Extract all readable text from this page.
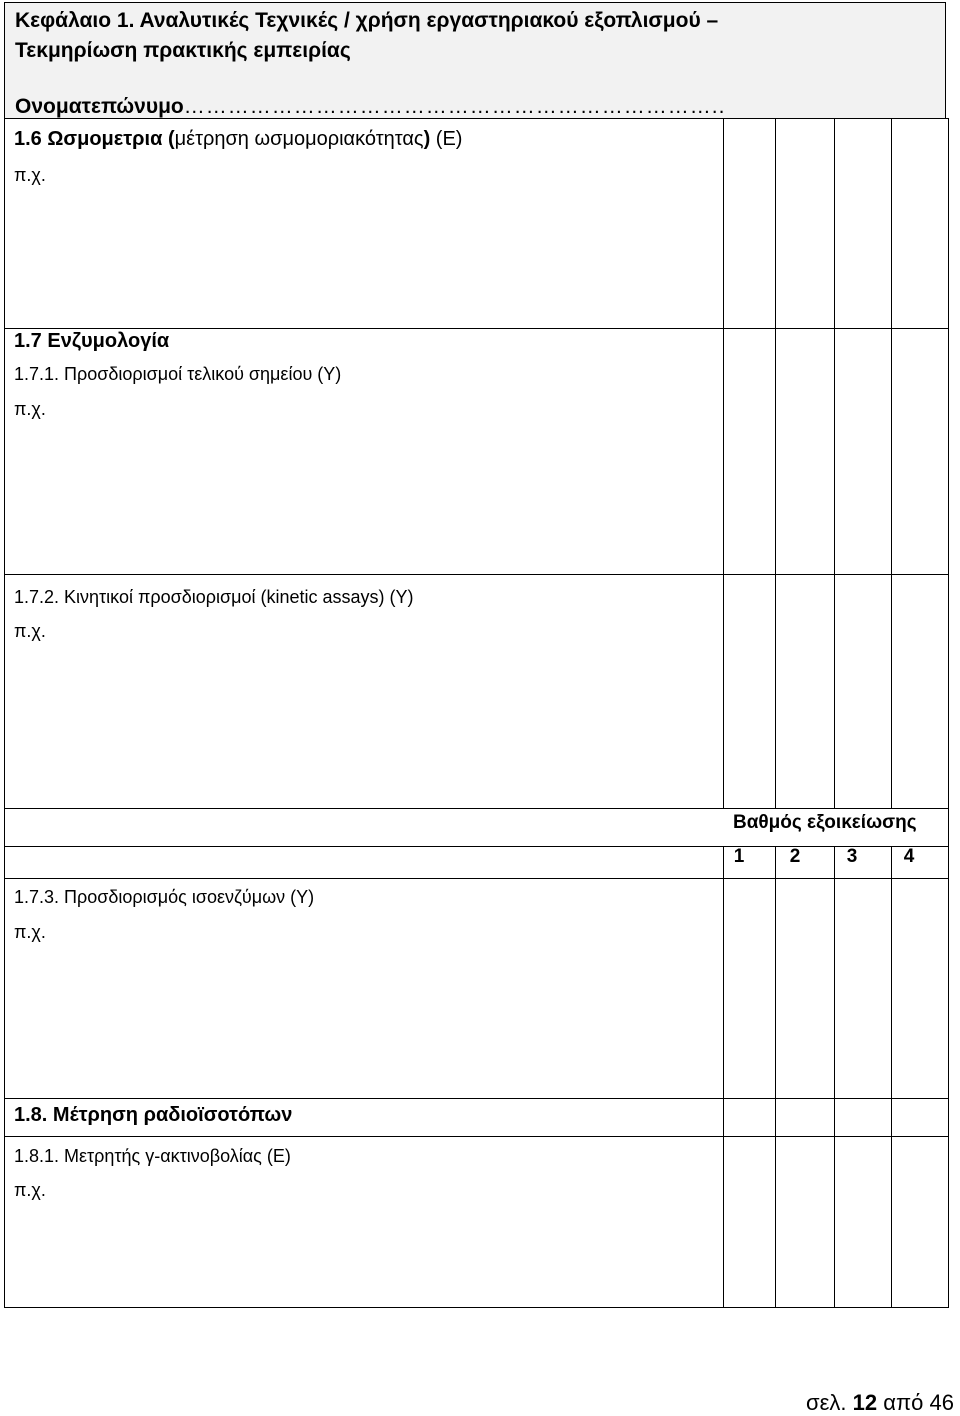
Κεφάλαιο 1. Αναλυτικές Τεχνικές / χρήση εργαστηριακού εξοπλισμού –
Τεκμηρίωση πρακτικής εμπειρίας
Ονοματεπώνυμο………………………………………………………………..
1.6 Ωσμομετρια (μέτρηση ωσμομοριακότητας) (Ε)
π.χ.
1.7 Ενζυμολογία
1.7.1. Προσδιορισμοί τελικού σημείου (Υ)
π.χ.
1.7.2. Κινητικοί προσδιορισμοί (kinetic assays) (Υ)
π.χ.
Βαθμός εξοικείωσης
1 2 3 4
1.7.3. Προσδιορισμός ισοενζύμων (Υ)
π.χ.
1.8. Μέτρηση ραδιοϊσοτόπων
1.8.1. Μετρητής γ-ακτινοβολίας (Ε)
π.χ.
σελ. 12 από 46
